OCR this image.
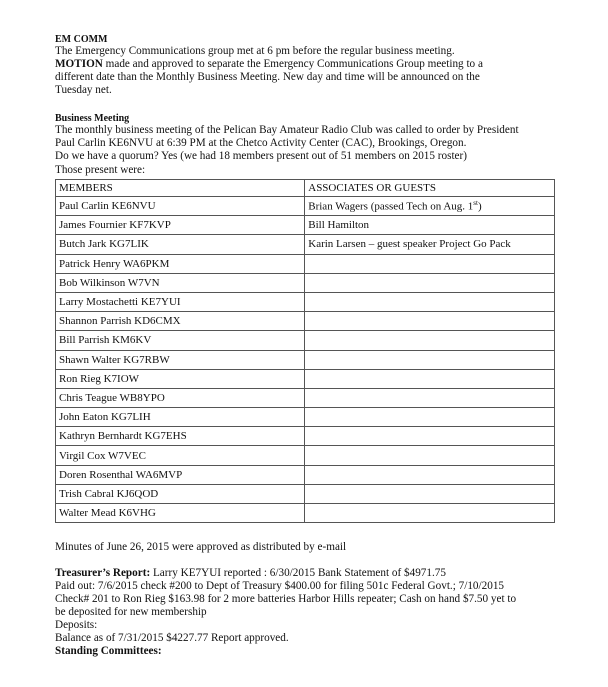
EM COMM
The Emergency Communications group met at 6 pm before the regular business meeting.
MOTION made and approved to separate the Emergency Communications Group meeting to a
different date than the Monthly Business Meeting. New day and time will be announced on the
Tuesday net.
Business Meeting
The monthly business meeting of the Pelican Bay Amateur Radio Club was called to order by President
Paul Carlin KE6NVU at 6:39 PM at the Chetco Activity Center (CAC), Brookings, Oregon.
Do we have a quorum? Yes (we had 18 members present out of 51 members on 2015 roster)
Those present were:
MEMBERS	ASSOCIATES OR GUESTS
Paul Carlin KE6NVU	Brian Wagers (passed Tech on Aug. 1st)
James Fournier KF7KVP	Bill Hamilton
Butch Jark KG7LIK	Karin Larsen – guest speaker Project Go Pack
Patrick Henry WA6PKM	
Bob Wilkinson W7VN	
Larry Mostachetti KE7YUI	
Shannon Parrish KD6CMX	
Bill Parrish KM6KV	
Shawn Walter KG7RBW	
Ron Rieg K7IOW	
Chris Teague WB8YPO	
John Eaton KG7LIH	
Kathryn Bernhardt KG7EHS	
Virgil Cox W7VEC	
Doren Rosenthal WA6MVP	
Trish Cabral KJ6QOD	
Walter Mead K6VHG	
Minutes of June 26, 2015 were approved as distributed by e-mail
Treasurer’s Report: Larry KE7YUI reported : 6/30/2015 Bank Statement of $4971.75
Paid out: 7/6/2015 check #200 to Dept of Treasury $400.00 for filing 501c Federal Govt.; 7/10/2015
Check# 201 to Ron Rieg $163.98 for 2 more batteries Harbor Hills repeater; Cash on hand $7.50 yet to
be deposited for new membership
Deposits:
Balance as of 7/31/2015 $4227.77 Report approved.
Standing Committees:
